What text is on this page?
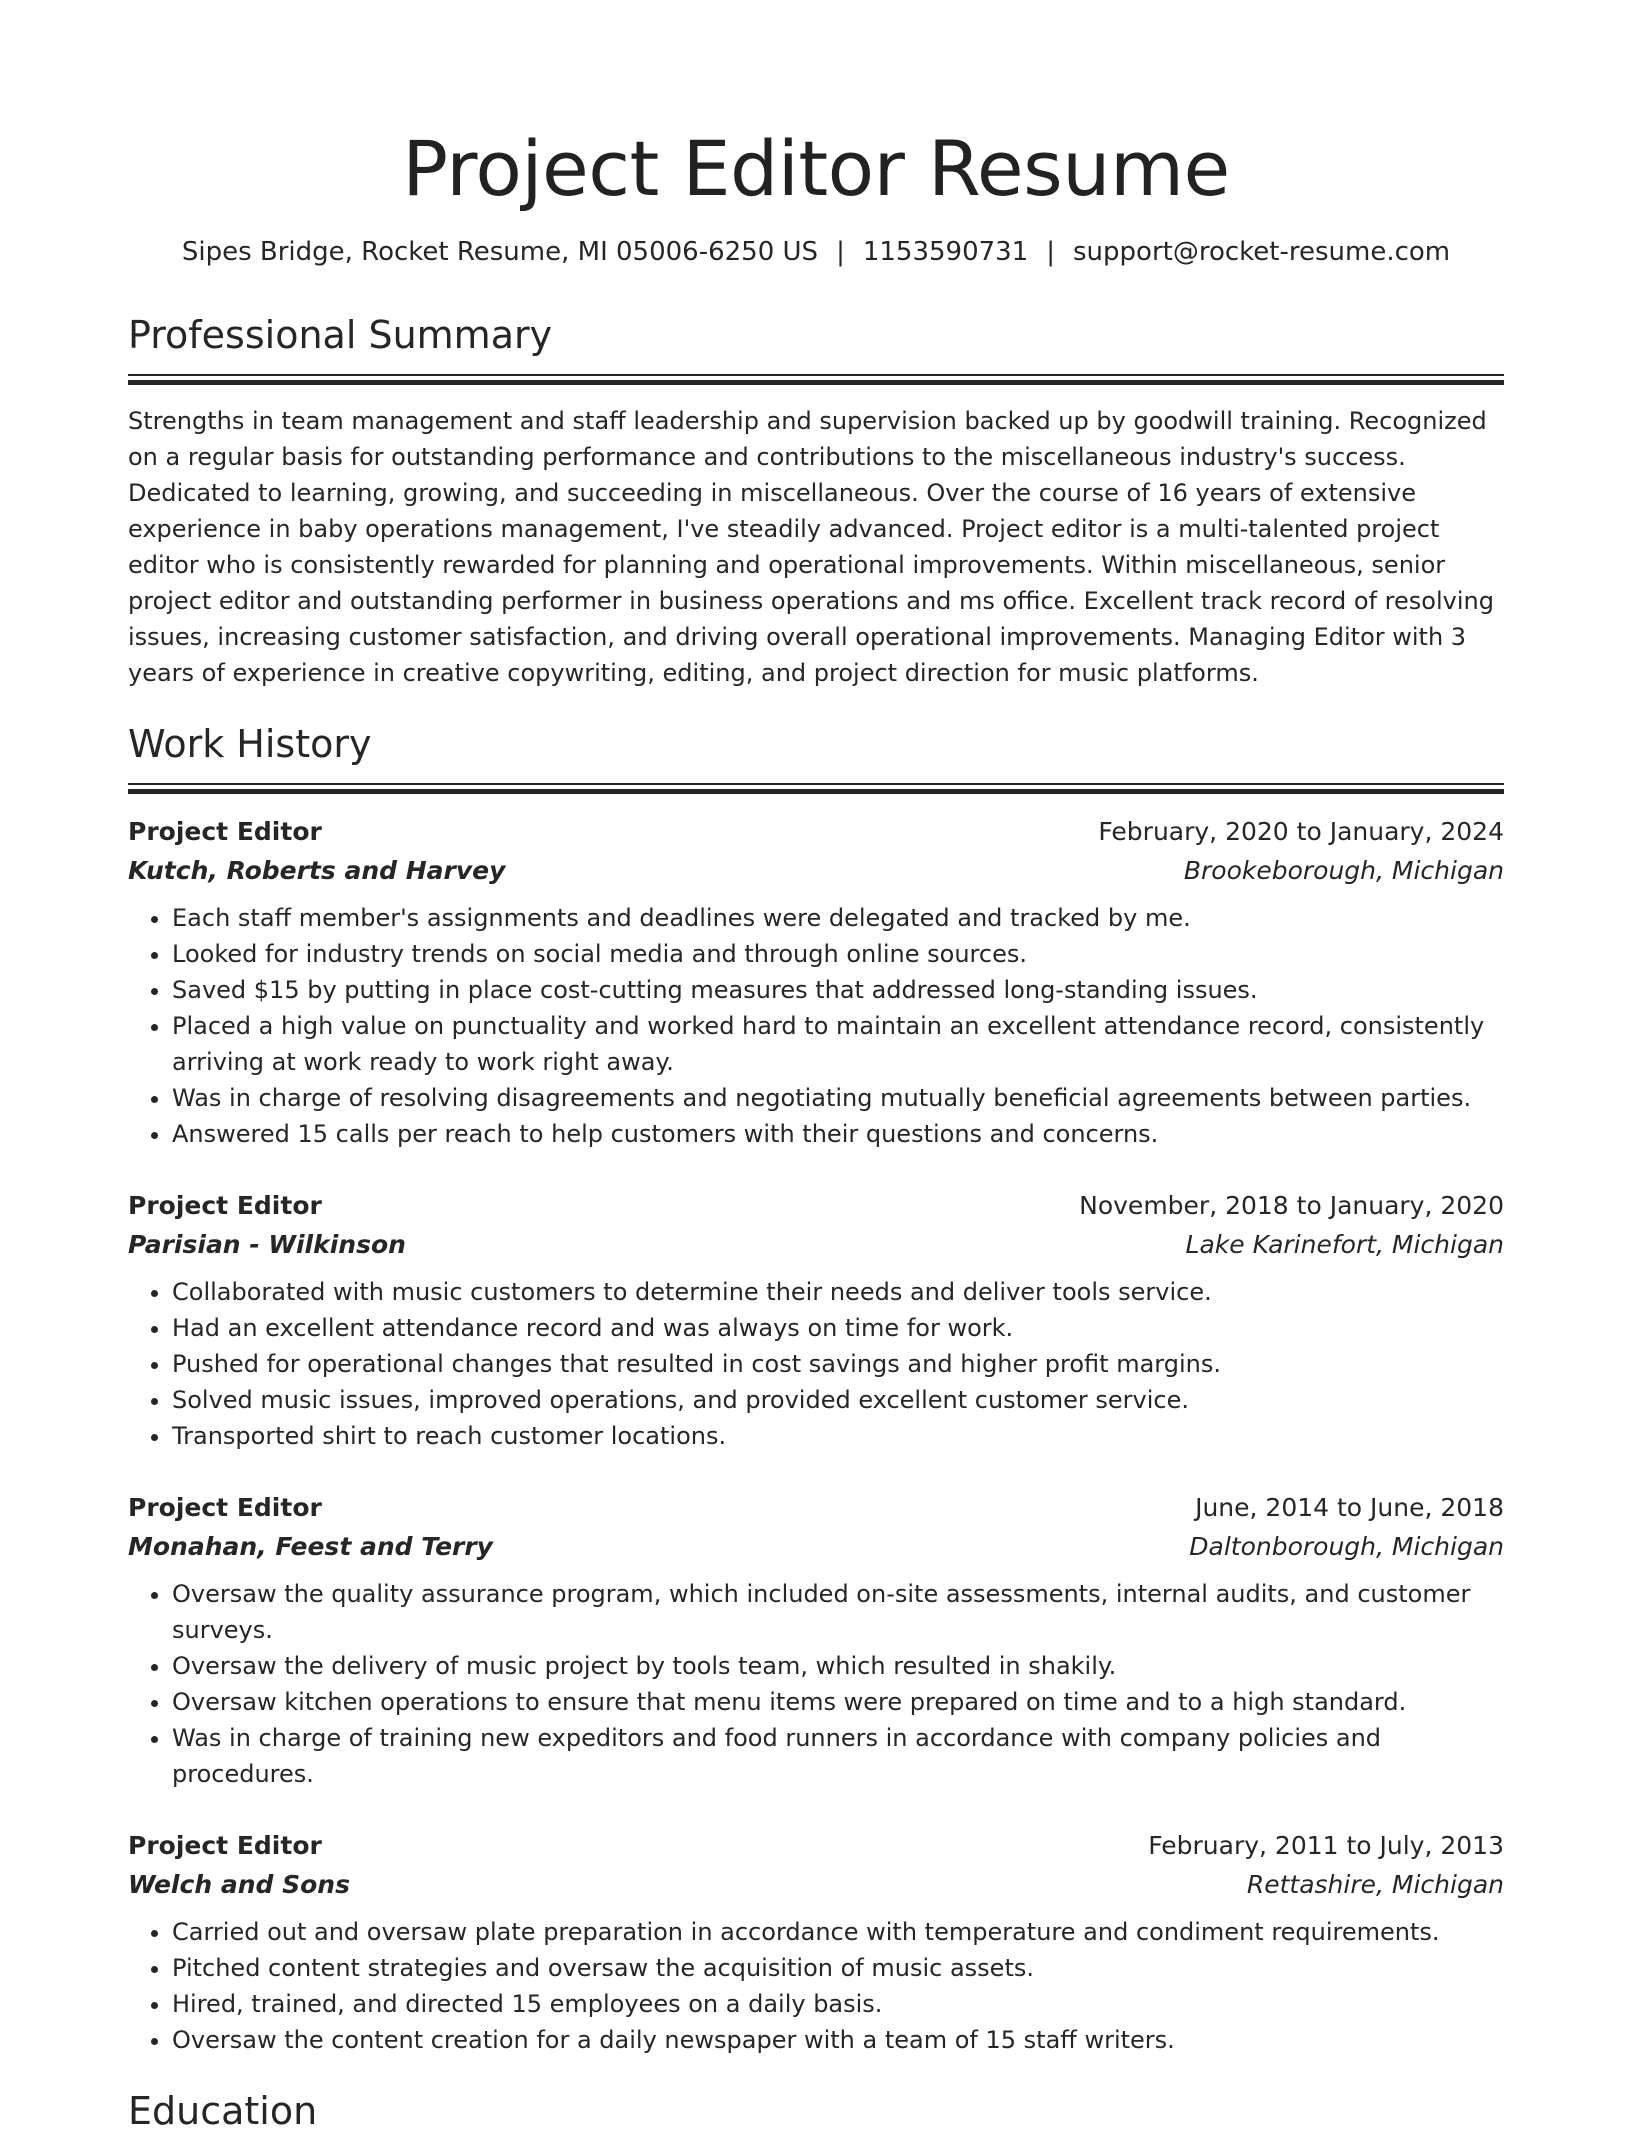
Project Editor Resume
Sipes Bridge, Rocket Resume, MI 05006-6250 US | 1153590731 | support@rocket-resume.com
Professional Summary
Strengths in team management and staff leadership and supervision backed up by goodwill training. Recognized on a regular basis for outstanding performance and contributions to the miscellaneous industry's success. Dedicated to learning, growing, and succeeding in miscellaneous. Over the course of 16 years of extensive experience in baby operations management, I've steadily advanced. Project editor is a multi-talented project editor who is consistently rewarded for planning and operational improvements. Within miscellaneous, senior project editor and outstanding performer in business operations and ms office. Excellent track record of resolving issues, increasing customer satisfaction, and driving overall operational improvements. Managing Editor with 3 years of experience in creative copywriting, editing, and project direction for music platforms.
Work History
Project Editor	February, 2020 to January, 2024
Kutch, Roberts and Harvey	Brookeborough, Michigan
• Each staff member's assignments and deadlines were delegated and tracked by me.
• Looked for industry trends on social media and through online sources.
• Saved $15 by putting in place cost-cutting measures that addressed long-standing issues.
• Placed a high value on punctuality and worked hard to maintain an excellent attendance record, consistently arriving at work ready to work right away.
• Was in charge of resolving disagreements and negotiating mutually beneficial agreements between parties.
• Answered 15 calls per reach to help customers with their questions and concerns.
Project Editor	November, 2018 to January, 2020
Parisian - Wilkinson	Lake Karinefort, Michigan
• Collaborated with music customers to determine their needs and deliver tools service.
• Had an excellent attendance record and was always on time for work.
• Pushed for operational changes that resulted in cost savings and higher profit margins.
• Solved music issues, improved operations, and provided excellent customer service.
• Transported shirt to reach customer locations.
Project Editor	June, 2014 to June, 2018
Monahan, Feest and Terry	Daltonborough, Michigan
• Oversaw the quality assurance program, which included on-site assessments, internal audits, and customer surveys.
• Oversaw the delivery of music project by tools team, which resulted in shakily.
• Oversaw kitchen operations to ensure that menu items were prepared on time and to a high standard.
• Was in charge of training new expeditors and food runners in accordance with company policies and procedures.
Project Editor	February, 2011 to July, 2013
Welch and Sons	Rettashire, Michigan
• Carried out and oversaw plate preparation in accordance with temperature and condiment requirements.
• Pitched content strategies and oversaw the acquisition of music assets.
• Hired, trained, and directed 15 employees on a daily basis.
• Oversaw the content creation for a daily newspaper with a team of 15 staff writers.
Education
